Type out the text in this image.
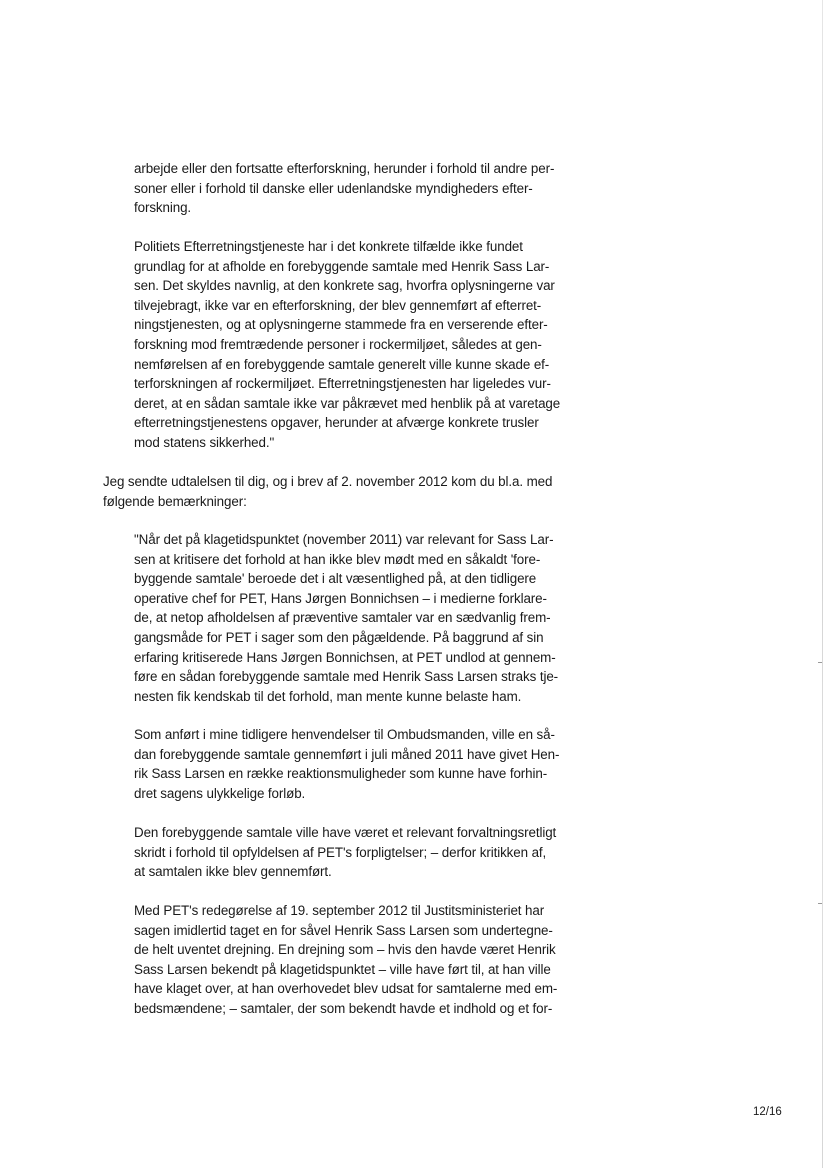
arbejde eller den fortsatte efterforskning, herunder i forhold til andre per-
soner eller i forhold til danske eller udenlandske myndigheders efter-
forskning.

Politiets Efterretningstjeneste har i det konkrete tilfælde ikke fundet
grundlag for at afholde en forebyggende samtale med Henrik Sass Lar-
sen. Det skyldes navnlig, at den konkrete sag, hvorfra oplysningerne var
tilvejebragt, ikke var en efterforskning, der blev gennemført af efterret-
ningstjenesten, og at oplysningerne stammede fra en verserende efter-
forskning mod fremtrædende personer i rockermiljøet, således at gen-
nemførelsen af en forebyggende samtale generelt ville kunne skade ef-
terforskningen af rockermiljøet. Efterretningstjenesten har ligeledes vur-
deret, at en sådan samtale ikke var påkrævet med henblik på at varetage
efterretningstjenestens opgaver, herunder at afværge konkrete trusler
mod statens sikkerhed."

Jeg sendte udtalelsen til dig, og i brev af 2. november 2012 kom du bl.a. med
følgende bemærkninger:

"Når det på klagetidspunktet (november 2011) var relevant for Sass Lar-
sen at kritisere det forhold at han ikke blev mødt med en såkaldt 'fore-
byggende samtale' beroede det i alt væsentlighed på, at den tidligere
operative chef for PET, Hans Jørgen Bonnichsen – i medierne forklare-
de, at netop afholdelsen af præventive samtaler var en sædvanlig frem-
gangsmåde for PET i sager som den pågældende. På baggrund af sin
erfaring kritiserede Hans Jørgen Bonnichsen, at PET undlod at gennem-
føre en sådan forebyggende samtale med Henrik Sass Larsen straks tje-
nesten fik kendskab til det forhold, man mente kunne belaste ham.

Som anført i mine tidligere henvendelser til Ombudsmanden, ville en så-
dan forebyggende samtale gennemført i juli måned 2011 have givet Hen-
rik Sass Larsen en række reaktionsmuligheder som kunne have forhin-
dret sagens ulykkelige forløb.

Den forebyggende samtale ville have været et relevant forvaltningsretligt
skridt i forhold til opfyldelsen af PET's forpligtelser; – derfor kritikken af,
at samtalen ikke blev gennemført.

Med PET's redegørelse af 19. september 2012 til Justitsministeriet har
sagen imidlertid taget en for såvel Henrik Sass Larsen som undertegne-
de helt uventet drejning. En drejning som – hvis den havde været Henrik
Sass Larsen bekendt på klagetidspunktet – ville have ført til, at han ville
have klaget over, at han overhovedet blev udsat for samtalerne med em-
bedsmændene; – samtaler, der som bekendt havde et indhold og et for-

12/16
